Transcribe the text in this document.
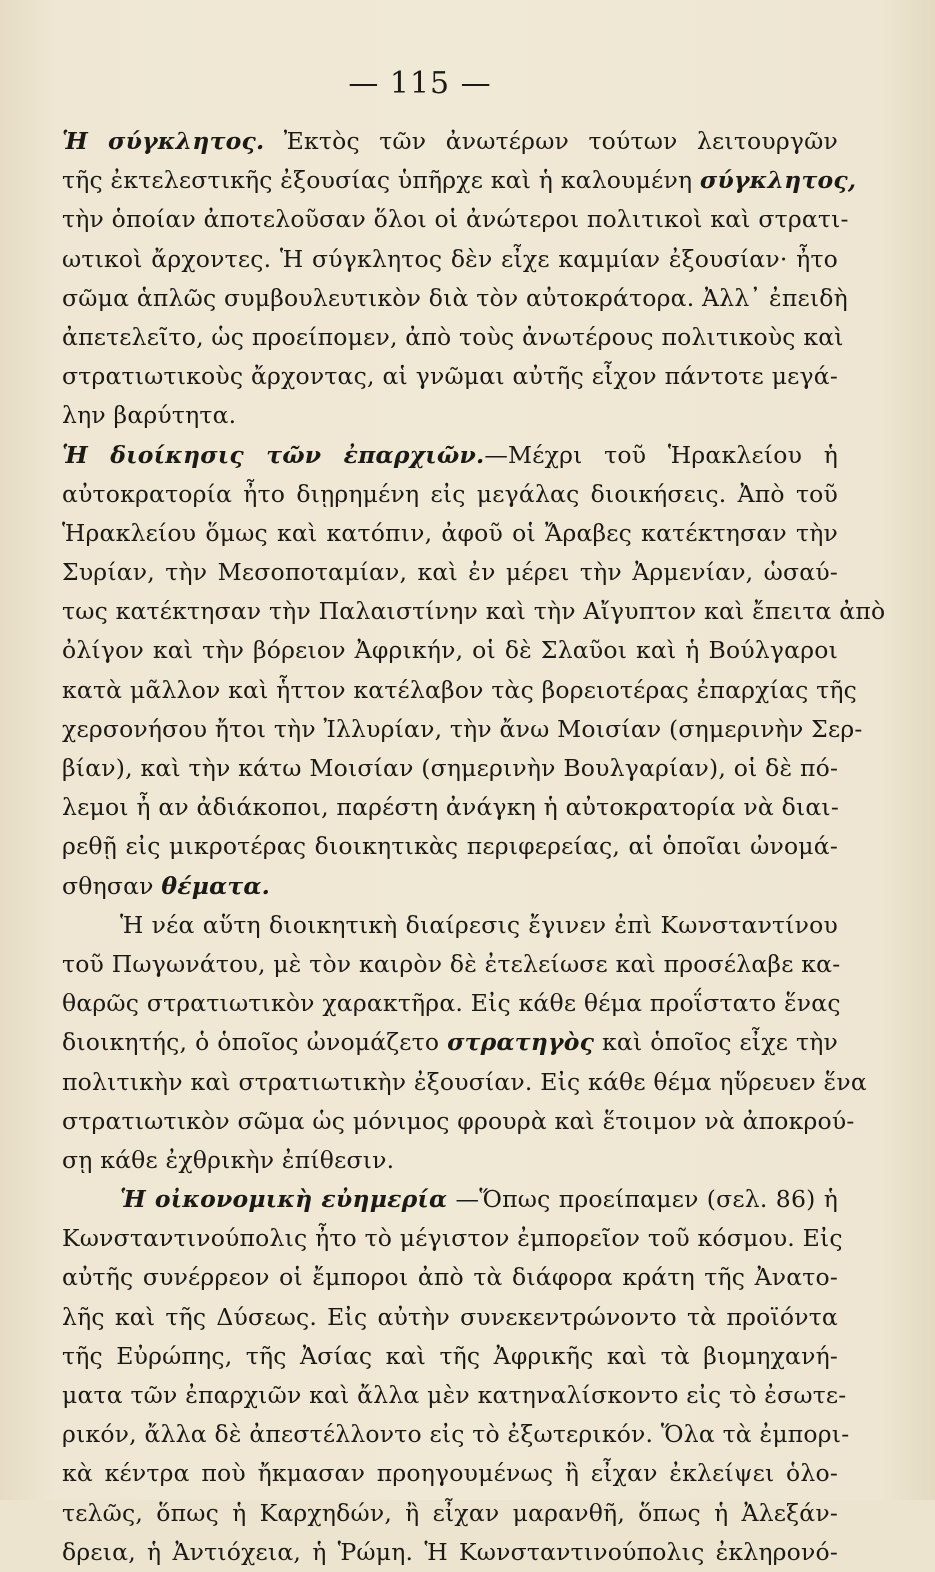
— 115 —
Ἡ σύγκλητος. Ἐκτὸς τῶν ἀνωτέρων τούτων λειτουργῶν
τῆς ἐκτελεστικῆς ἐξουσίας ὑπῆρχε καὶ ἡ καλουμένη σύγκλητος,
τὴν ὁποίαν ἀποτελοῦσαν ὅλοι οἱ ἀνώτεροι πολιτικοὶ καὶ στρατι-
ωτικοὶ ἄρχοντες. Ἡ σύγκλητος δὲν εἶχε καμμίαν ἐξουσίαν· ἦτο
σῶμα ἁπλῶς συμβουλευτικὸν διὰ τὸν αὐτοκράτορα. Ἀλλ᾽ ἐπειδὴ
ἀπετελεῖτο, ὡς προείπομεν, ἀπὸ τοὺς ἀνωτέρους πολιτικοὺς καὶ
στρατιωτικοὺς ἄρχοντας, αἱ γνῶμαι αὐτῆς εἶχον πάντοτε μεγά-
λην βαρύτητα.
Ἡ διοίκησις τῶν ἐπαρχιῶν.—Μέχρι τοῦ Ἡρακλείου ἡ
αὐτοκρατορία ἦτο διῃρημένη εἰς μεγάλας διοικήσεις. Ἀπὸ τοῦ
Ἡρακλείου ὅμως καὶ κατόπιν, ἀφοῦ οἱ Ἄραβες κατέκτησαν τὴν
Συρίαν, τὴν Μεσοποταμίαν, καὶ ἐν μέρει τὴν Ἀρμενίαν, ὡσαύ-
τως κατέκτησαν τὴν Παλαιστίνην καὶ τὴν Αἴγυπτον καὶ ἔπειτα ἀπὸ
ὀλίγον καὶ τὴν βόρειον Ἀφρικήν, οἱ δὲ Σλαῦοι καὶ ἡ Βούλγαροι
κατὰ μᾶλλον καὶ ἧττον κατέλαβον τὰς βορειοτέρας ἐπαρχίας τῆς
χερσονήσου ἤτοι τὴν Ἰλλυρίαν, τὴν ἄνω Μοισίαν (σημερινὴν Σερ-
βίαν), καὶ τὴν κάτω Μοισίαν (σημερινὴν Βουλγαρίαν), οἱ δὲ πό-
λεμοι ἦ αν ἀδιάκοποι, παρέστη ἀνάγκη ἡ αὐτοκρατορία νὰ διαι-
ρεθῇ εἰς μικροτέρας διοικητικὰς περιφερείας, αἱ ὁποῖαι ὠνομά-
σθησαν θέματα.
Ἡ νέα αὕτη διοικητικὴ διαίρεσις ἔγινεν ἐπὶ Κωνσταντίνου
τοῦ Πωγωνάτου, μὲ τὸν καιρὸν δὲ ἐτελείωσε καὶ προσέλαβε κα-
θαρῶς στρατιωτικὸν χαρακτῆρα. Εἰς κάθε θέμα προΐστατο ἕνας
διοικητής, ὁ ὁποῖος ὠνομάζετο στρατηγὸς καὶ ὁποῖος εἶχε τὴν
πολιτικὴν καὶ στρατιωτικὴν ἐξουσίαν. Εἰς κάθε θέμα ηὕρευεν ἕνα
στρατιωτικὸν σῶμα ὡς μόνιμος φρουρὰ καὶ ἕτοιμον νὰ ἀποκρού-
σῃ κάθε ἐχθρικὴν ἐπίθεσιν.
Ἡ οἰκονομικὴ εὐημερία —Ὅπως προείπαμεν (σελ. 86) ἡ
Κωνσταντινούπολις ἦτο τὸ μέγιστον ἐμπορεῖον τοῦ κόσμου. Εἰς
αὐτῆς συνέρρεον οἱ ἔμποροι ἀπὸ τὰ διάφορα κράτη τῆς Ἀνατο-
λῆς καὶ τῆς Δύσεως. Εἰς αὐτὴν συνεκεντρώνοντο τὰ προϊόντα
τῆς Εὐρώπης, τῆς Ἀσίας καὶ τῆς Ἀφρικῆς καὶ τὰ βιομηχανή-
ματα τῶν ἐπαρχιῶν καὶ ἄλλα μὲν κατηναλίσκοντο εἰς τὸ ἐσωτε-
ρικόν, ἄλλα δὲ ἀπεστέλλοντο εἰς τὸ ἐξωτερικόν. Ὅλα τὰ ἐμπορι-
κὰ κέντρα ποὺ ἤκμασαν προηγουμένως ἢ εἶχαν ἐκλείψει ὁλο-
τελῶς, ὅπως ἡ Καρχηδών, ἢ εἶχαν μαρανθῆ, ὅπως ἡ Ἀλεξάν-
δρεια, ἡ Ἀντιόχεια, ἡ Ῥώμη. Ἡ Κωνσταντινούπολις ἐκληρονό-
